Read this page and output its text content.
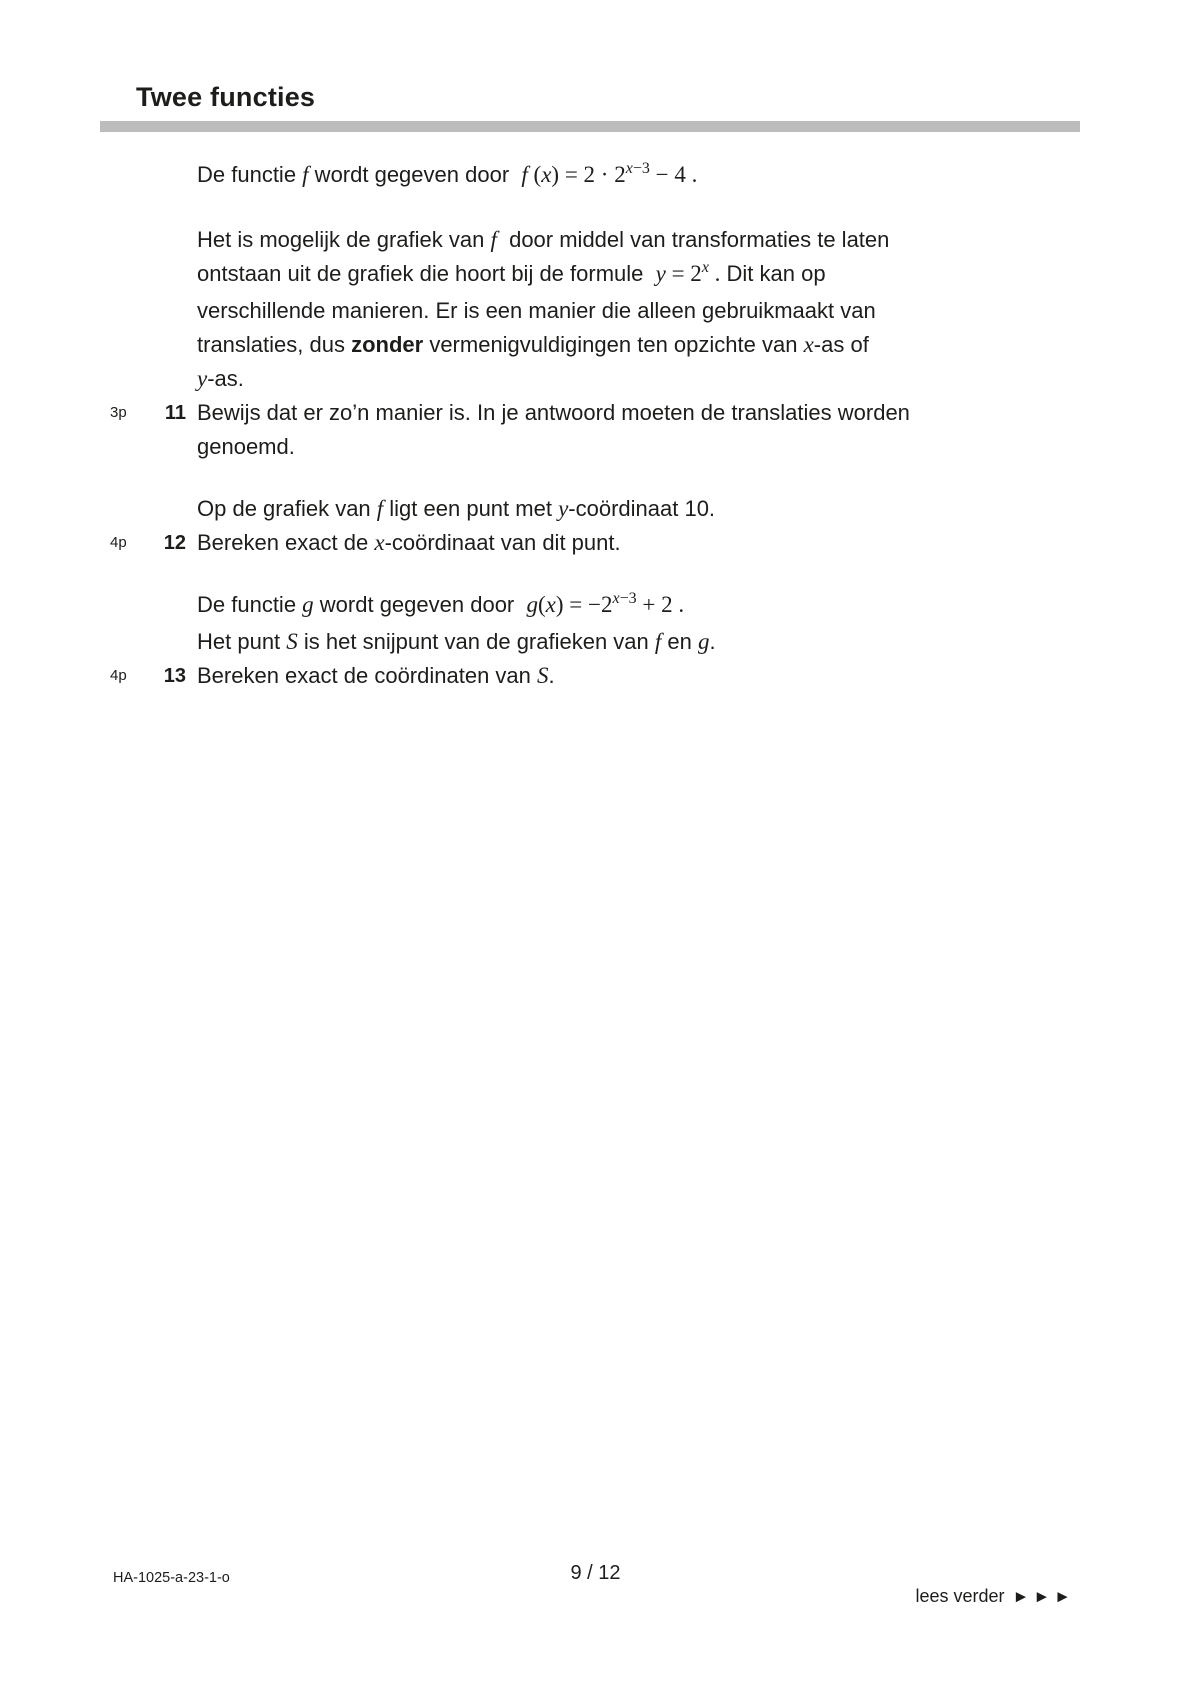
Twee functies
De functie f wordt gegeven door  f $(x) = 2 \cdot 2^{x-3} - 4$ .
Het is mogelijk de grafiek van f  door middel van transformaties te laten
ontstaan uit de grafiek die hoort bij de formule  $y = 2^x$ . Dit kan op
verschillende manieren. Er is een manier die alleen gebruikmaakt van
translaties, dus zonder vermenigvuldigingen ten opzichte van x-as of
y-as.
3p	11 Bewijs dat er zo’n manier is. In je antwoord moeten de translaties worden
genoemd.
Op de grafiek van f ligt een punt met y-coördinaat 10.
4p	12 Bereken exact de x-coördinaat van dit punt.
De functie g wordt gegeven door  $g(x) = -2^{x-3} + 2$ .
Het punt S is het snijpunt van de grafieken van f en g.
4p	13 Bereken exact de coördinaten van S.
HA-1025-a-23-1-o	9 / 12

lees verder ►►►
